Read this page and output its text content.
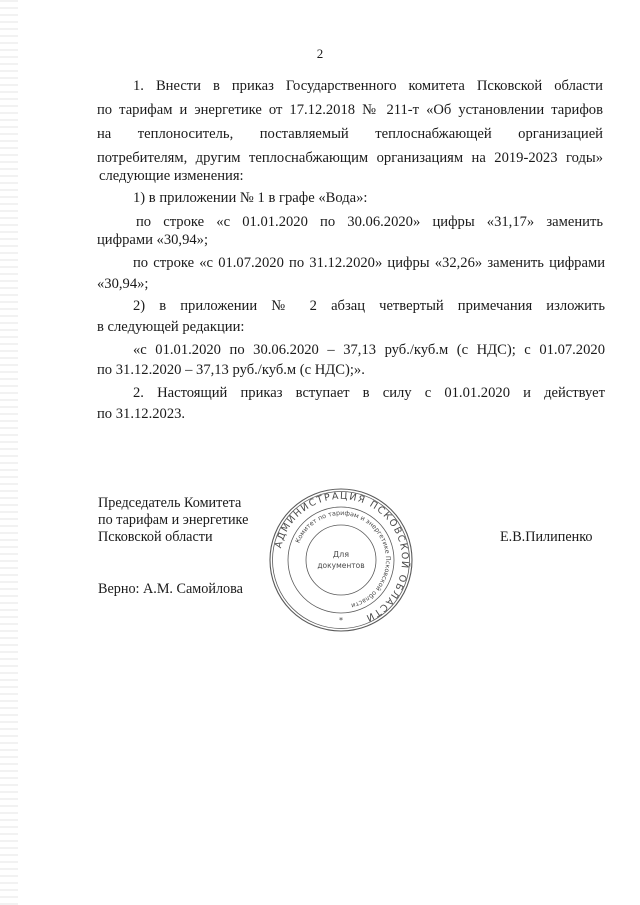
2
1. Внести в приказ Государственного комитета Псковской области
по тарифам и энергетике от 17.12.2018 № 211-т «Об установлении тарифов
на теплоноситель, поставляемый теплоснабжающей организацией
потребителям, другим теплоснабжающим организациям на 2019-2023 годы»
следующие изменения:
1) в приложении № 1 в графе «Вода»:
по строке «с 01.01.2020 по 30.06.2020» цифры «31,17» заменить
цифрами «30,94»;
по строке «с 01.07.2020 по 31.12.2020» цифры «32,26» заменить цифрами
«30,94»;
2) в приложении № 2 абзац четвертый примечания изложить
в следующей редакции:
«с 01.01.2020 по 30.06.2020 – 37,13 руб./куб.м (с НДС); с 01.07.2020
по 31.12.2020 – 37,13 руб./куб.м (с НДС);».
2. Настоящий приказ вступает в силу с 01.01.2020 и действует
по 31.12.2023.
Председатель Комитета
по тарифам и энергетике
Псковской области	Е.В.Пилипенко
Верно: А.М. Самойлова
АДМИНИСТРАЦИЯ ПСКОВСКОЙ ОБЛАСТИ
Комитет по тарифам и энергетике Псковской области
Для
документов
*
